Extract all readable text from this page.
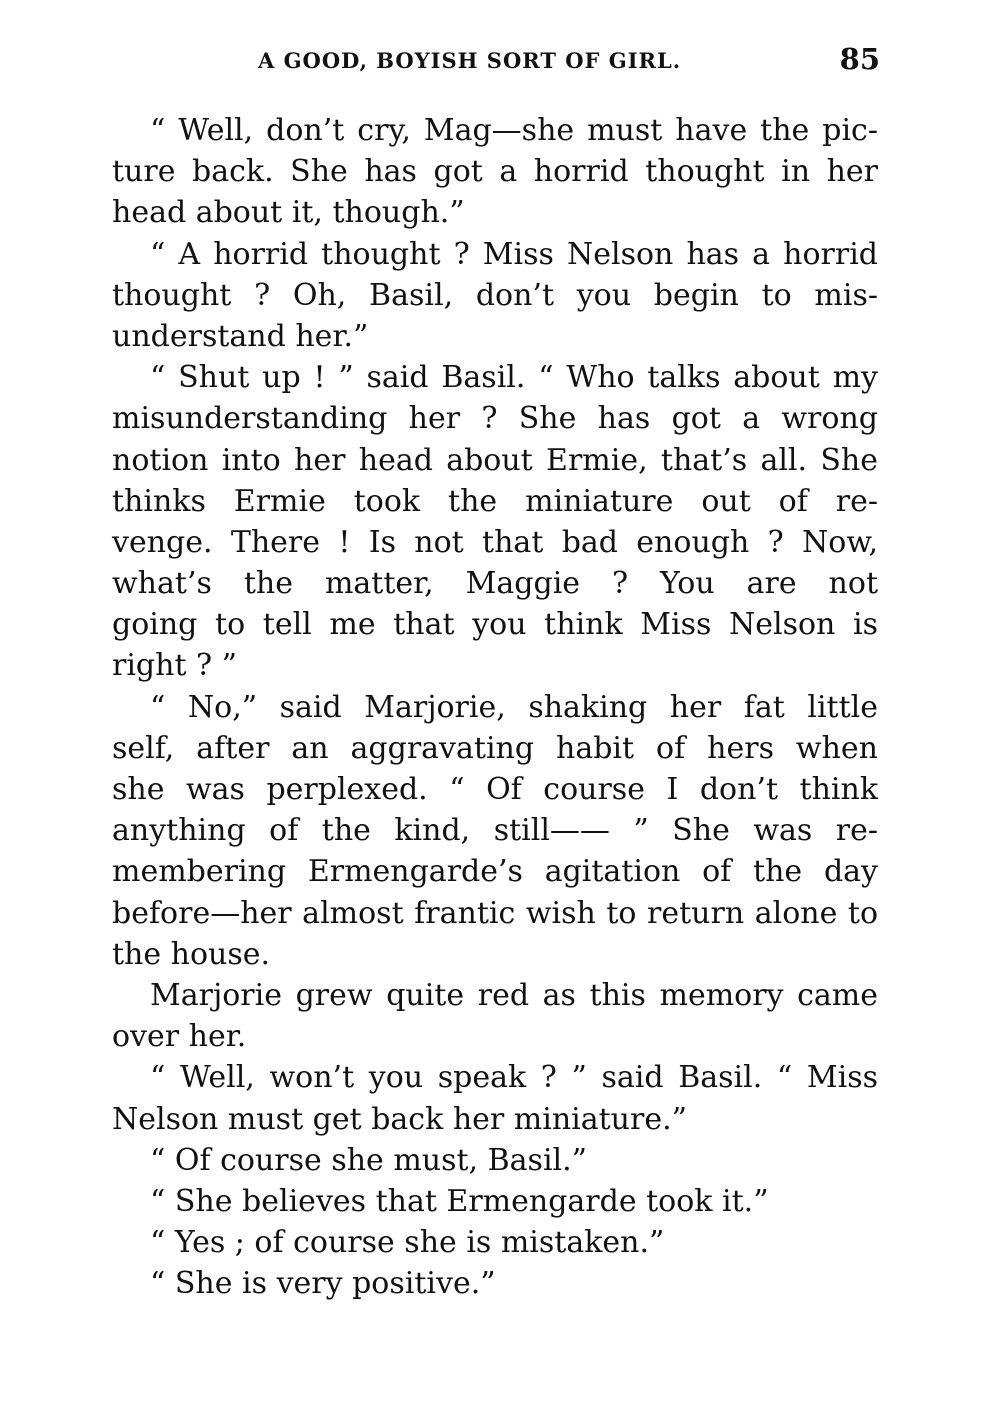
A GOOD, BOYISH SORT OF GIRL.	85
“ Well, don’t cry, Mag—she must have the pic-
ture back. She has got a horrid thought in her
head about it, though.”
“ A horrid thought ? Miss Nelson has a horrid
thought ? Oh, Basil, don’t you begin to mis-
understand her.”
“ Shut up ! ” said Basil. “ Who talks about my
misunderstanding her ? She has got a wrong
notion into her head about Ermie, that’s all. She
thinks Ermie took the miniature out of re-
venge. There ! Is not that bad enough ? Now,
what’s the matter, Maggie ? You are not
going to tell me that you think Miss Nelson is
right ? ”
“ No,” said Marjorie, shaking her fat little
self, after an aggravating habit of hers when
she was perplexed. “ Of course I don’t think
anything of the kind, still—— ” She was re-
membering Ermengarde’s agitation of the day
before—her almost frantic wish to return alone to
the house.
Marjorie grew quite red as this memory came
over her.
“ Well, won’t you speak ? ” said Basil. “ Miss
Nelson must get back her miniature.”
“ Of course she must, Basil.”
“ She believes that Ermengarde took it.”
“ Yes ; of course she is mistaken.”
“ She is very positive.”
